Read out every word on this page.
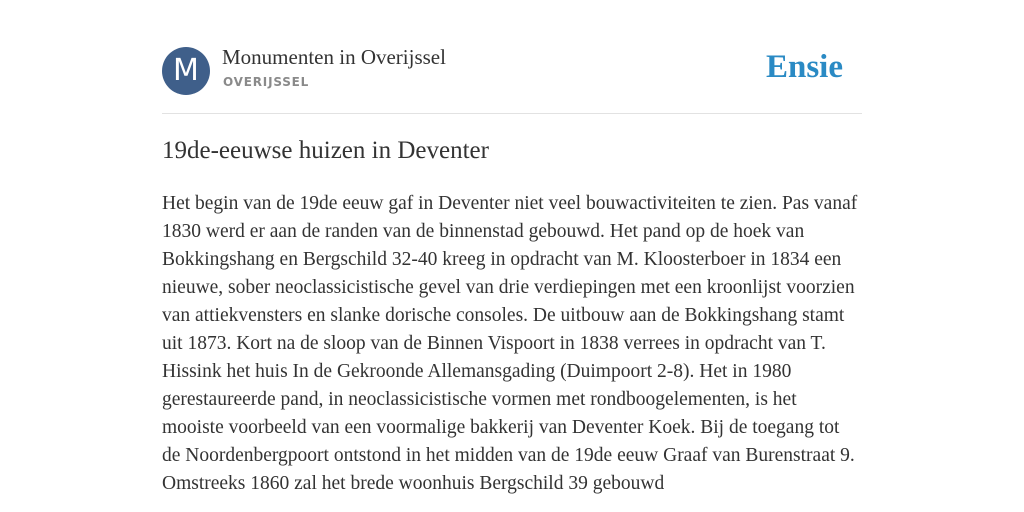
M	Monumenten in Overijssel
OVERIJSSEL	Ensie
19de-eeuwse huizen in Deventer

Het begin van de 19de eeuw gaf in Deventer niet veel bouwactiviteiten te zien. Pas vanaf 1830 werd er aan de randen van de binnenstad gebouwd. Het pand op de hoek van Bokkingshang en Bergschild 32-40 kreeg in opdracht van M. Kloosterboer in 1834 een nieuwe, sober neoclassicistische gevel van drie verdiepingen met een kroonlijst voorzien van attiekvensters en slanke dorische consoles. De uitbouw aan de Bokkingshang stamt uit 1873. Kort na de sloop van de Binnen Vispoort in 1838 verrees in opdracht van T. Hissink het huis In de Gekroonde Allemansgading (Duimpoort 2-8). Het in 1980 gerestaureerde pand, in neoclassicistische vormen met rondboogelementen, is het mooiste voorbeeld van een voormalige bakkerij van Deventer Koek. Bij de toegang tot de Noordenbergpoort ontstond in het midden van de 19de eeuw Graaf van Burenstraat 9. Omstreeks 1860 zal het brede woonhuis Bergschild 39 gebouwd
